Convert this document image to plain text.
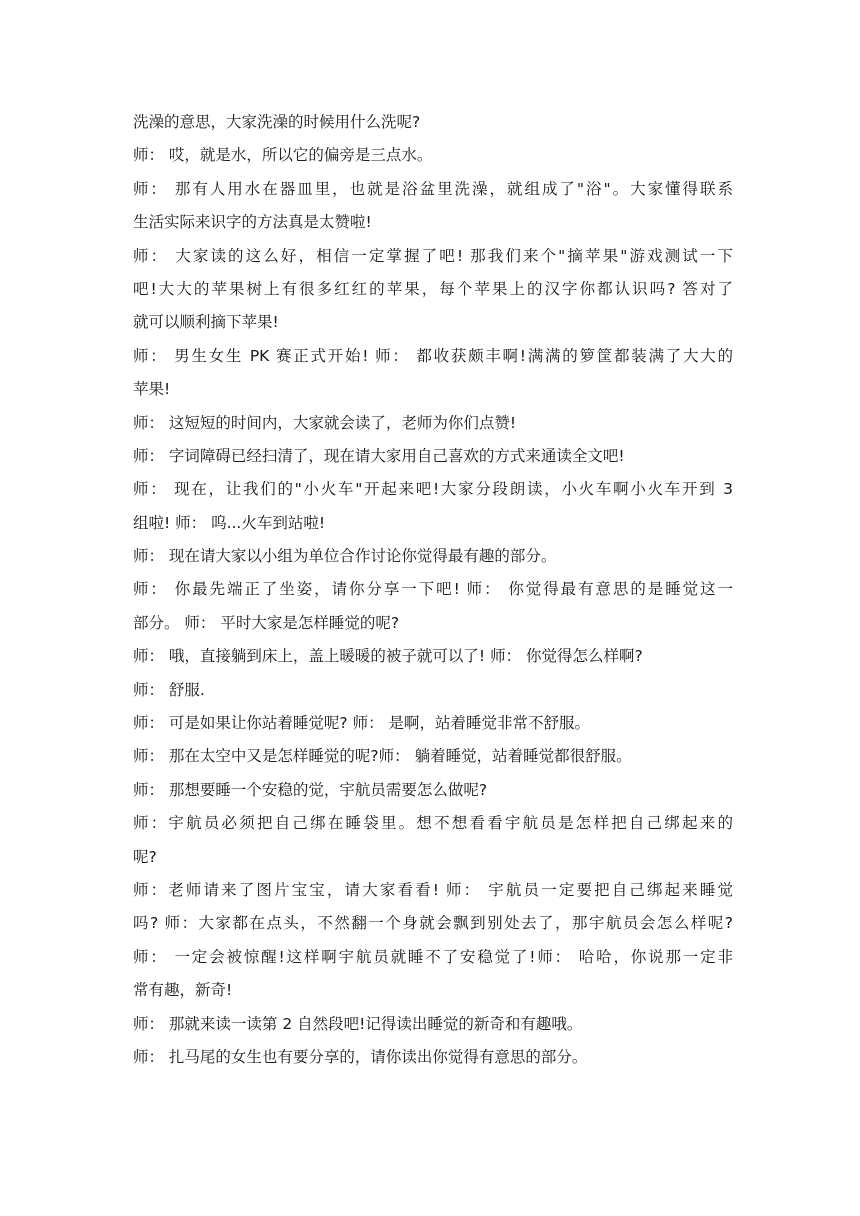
洗澡的意思，大家洗澡的时候用什么洗呢?
师： 哎，就是水，所以它的偏旁是三点水。
师： 那有人用水在器皿里，也就是浴盆里洗澡，就组成了"浴"。大家懂得联系
生活实际来识字的方法真是太赞啦!
师： 大家读的这么好，相信一定掌握了吧! 那我们来个"摘苹果"游戏测试一下
吧!大大的苹果树上有很多红红的苹果，每个苹果上的汉字你都认识吗? 答对了
就可以顺利摘下苹果!
师： 男生女生 PK 赛正式开始! 师： 都收获颇丰啊!满满的箩筐都装满了大大的
苹果!
师： 这短短的时间内，大家就会读了，老师为你们点赞!
师： 字词障碍已经扫清了，现在请大家用自己喜欢的方式来通读全文吧!
师： 现在，让我们的"小火车"开起来吧!大家分段朗读，小火车啊小火车开到 3
组啦! 师： 呜...火车到站啦!
师： 现在请大家以小组为单位合作讨论你觉得最有趣的部分。
师： 你最先端正了坐姿，请你分享一下吧! 师： 你觉得最有意思的是睡觉这一
部分。 师： 平时大家是怎样睡觉的呢?
师： 哦，直接躺到床上，盖上暖暖的被子就可以了! 师： 你觉得怎么样啊?
师： 舒服.
师： 可是如果让你站着睡觉呢? 师： 是啊，站着睡觉非常不舒服。
师： 那在太空中又是怎样睡觉的呢?师： 躺着睡觉，站着睡觉都很舒服。
师： 那想要睡一个安稳的觉，宇航员需要怎么做呢?
师：宇航员必须把自己绑在睡袋里。想不想看看宇航员是怎样把自己绑起来的
呢?
师：老师请来了图片宝宝，请大家看看! 师： 宇航员一定要把自己绑起来睡觉
吗? 师：大家都在点头，不然翻一个身就会飘到别处去了，那宇航员会怎么样呢?
师： 一定会被惊醒!这样啊宇航员就睡不了安稳觉了!师： 哈哈，你说那一定非
常有趣，新奇!
师： 那就来读一读第 2 自然段吧!记得读出睡觉的新奇和有趣哦。
师： 扎马尾的女生也有要分享的，请你读出你觉得有意思的部分。
